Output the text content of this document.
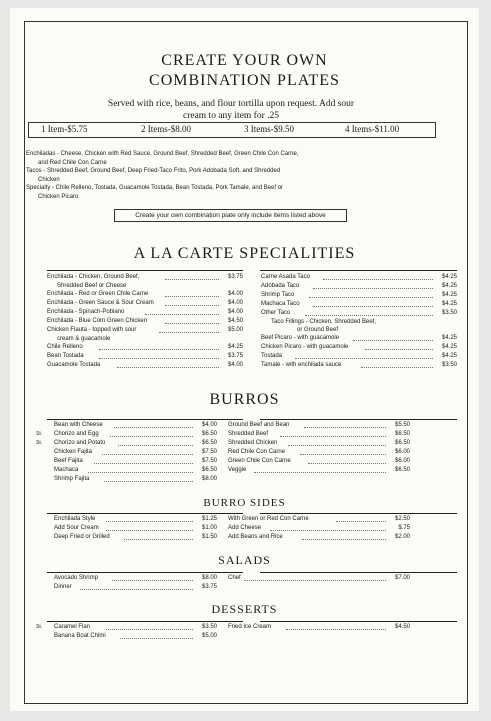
CREATE YOUR OWN
COMBINATION PLATES
Served with rice, beans, and flour tortilla upon request. Add sour
cream to any item for .25
1 Item-$5.75	2 Items-$8.00	3 Items-$9.50	4 Items-$11.00
Enchiladas - Cheese, Chicken with Red Sauce, Ground Beef, Shredded Beef, Green Chile Con Carne,
and Red Chile Con Carne
Tacos - Shredded Beef, Ground Beef, Deep Fried-Taco Frito, Pork Adobada Soft, and Shredded
Chicken
Specialty - Chile Relleno, Tostada, Guacamole Tostada, Bean Tostada, Pork Tamale, and Beef or
Chicken Picaro
Create your own combination plate only include items listed above
A LA CARTE SPECIALITIES
Enchilada - Chicken, Ground Beef,	$3.75
Shredded Beef or Cheese
Enchilada - Red or Green Chile Carne	$4.00
Enchilada - Green Sauce & Sour Cream	$4.00
Enchilada - Spinach-Poblano	$4.00
Enchilada - Blue Corn Green Chicken	$4.50
Chicken Flauta - topped with sour	$5.00
cream & guacamole
Chile Relleno	$4.25
Bean Tostada	$3.75
Guacamole Tostada	$4.00
Carne Asada Taco	$4.25
Adobada Taco	$4.25
Shrimp Taco	$4.25
Machaca Taco	$4.25
Other Taco	$3.50
Taco Fillings - Chicken, Shredded Beef,
or Ground Beef
Beef Picaro - with guacamole	$4.25
Chicken Picaro - with guacamole	$4.25
Tostada	$4.25
Tamale - with enchilada sauce	$3.50
BURROS
Bean with Cheese	$4.00
Chorizo and Egg	$6.50
Chorizo and Potato	$6.50
Chicken Fajita	$7.50
Beef Fajita	$7.50
Machaca	$6.50
Shrimp Fajita	$8.00
St.
St.
Ground Beef and Bean	$5.50
Shredded Beef	$6.50
Shredded Chicken	$6.50
Red Chile Con Carne	$6.00
Green Chile Con Carne	$6.00
Veggie	$6.50
BURRO SIDES
Enchilada Style	$1.25
Add Sour Cream	$1.00
Deep Fried or Grilled	$1.50
With Green or Red Con Carne	$2.50
Add Cheese	$.75
Add Beans and Rice	$2.00
SALADS
Avocado Shrimp	$8.00
Dinner	$3.75
Chef	$7.00
DESSERTS
Caramel Flan	$3.50
Banana Boat Chimi	$5.00
St.	Fried Ice Cream	$4.50
